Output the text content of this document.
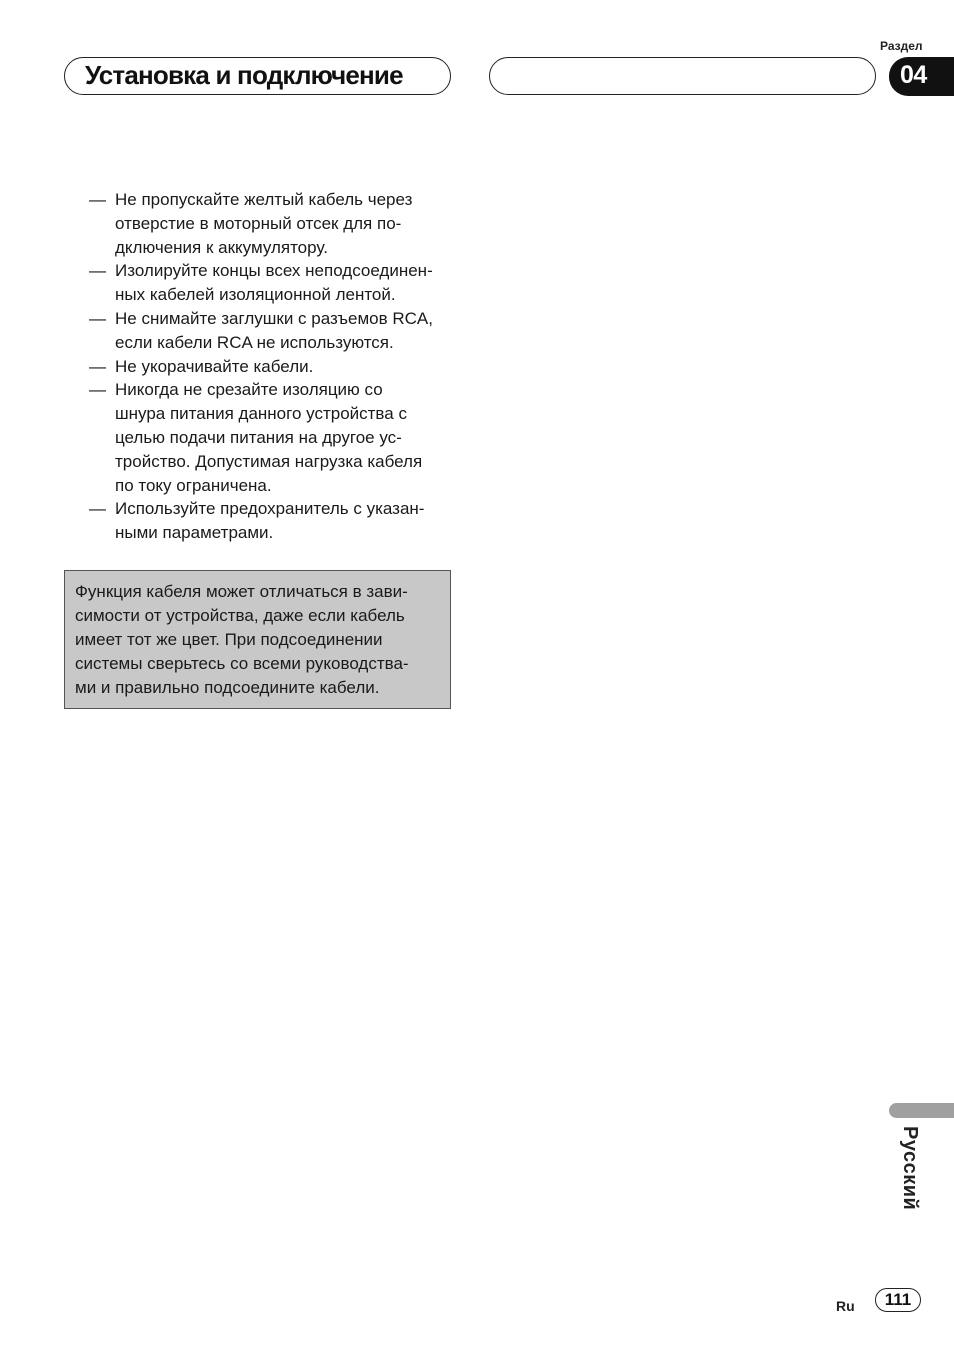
Установка и подключение
Раздел
04
— Не пропускайте желтый кабель через
отверстие в моторный отсек для по-
дключения к аккумулятору.
— Изолируйте концы всех неподсоединен-
ных кабелей изоляционной лентой.
— Не снимайте заглушки с разъемов RCA,
если кабели RCA не используются.
— Не укорачивайте кабели.
— Никогда не срезайте изоляцию со
шнура питания данного устройства с
целью подачи питания на другое ус-
тройство. Допустимая нагрузка кабеля
по току ограничена.
— Используйте предохранитель с указан-
ными параметрами.
Функция кабеля может отличаться в зави-
симости от устройства, даже если кабель
имеет тот же цвет. При подсоединении
системы сверьтесь со всеми руководства-
ми и правильно подсоедините кабели.
Русский
Ru	111
